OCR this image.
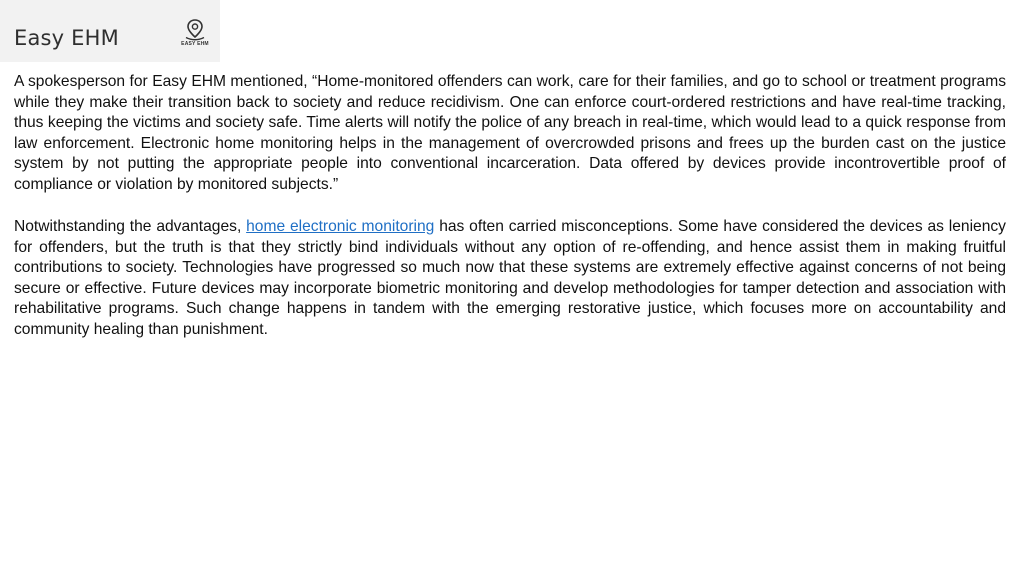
Easy EHM	EASY EHM

A spokesperson for Easy EHM mentioned, “Home-monitored offenders can work, care for their families, and go to school or treatment programs while they make their transition back to society and reduce recidivism. One can enforce court-ordered restrictions and have real-time tracking, thus keeping the victims and society safe. Time alerts will notify the police of any breach in real-time, which would lead to a quick response from law enforcement. Electronic home monitoring helps in the management of overcrowded prisons and frees up the burden cast on the justice system by not putting the appropriate people into conventional incarceration. Data offered by devices provide incontrovertible proof of compliance or violation by monitored subjects.”

Notwithstanding the advantages, home electronic monitoring has often carried misconceptions. Some have considered the devices as leniency for offenders, but the truth is that they strictly bind individuals without any option of re-offending, and hence assist them in making fruitful contributions to society. Technologies have progressed so much now that these systems are extremely effective against concerns of not being secure or effective. Future devices may incorporate biometric monitoring and develop methodologies for tamper detection and association with rehabilitative programs. Such change happens in tandem with the emerging restorative justice, which focuses more on accountability and community healing than punishment.
